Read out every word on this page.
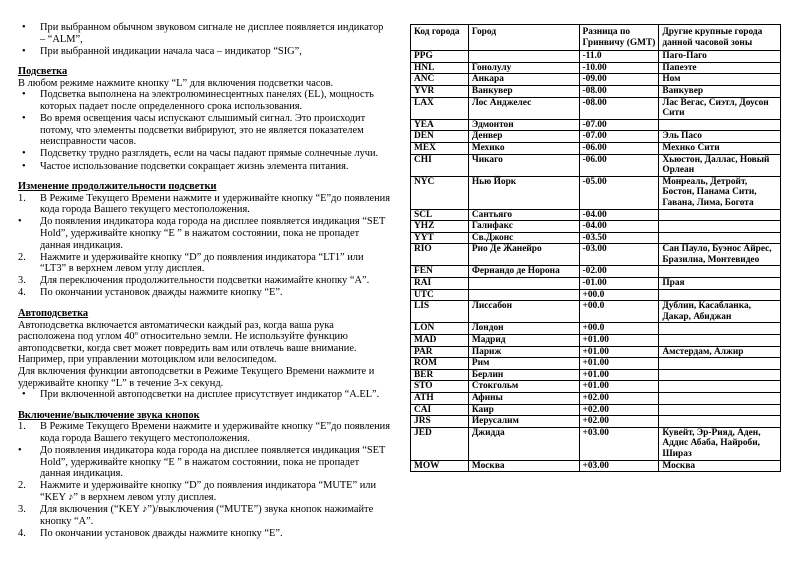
• При выбранном обычном звуковом сигнале не дисплее появляется индикатор – “ALM”,
• При выбранной индикации начала часа – индикатор “SIG”,
Подсветка

В любом режиме нажмите кнопку “L” для включения подсветки часов.

• Подсветка выполнена на электролюминесцентных панелях (EL), мощность которых падает после определенного срока использования.
• Во время освещения часы испускают слышимый сигнал. Это происходит потому, что элементы подсветки вибрируют, это не является показателем неисправности часов.
• Подсветку трудно разглядеть, если на часы падают прямые солнечные лучи.
• Частое использование подсветки сокращает жизнь элемента питания.
Изменение продолжительности подсветки
1. В Режиме Текущего Времени нажмите и удерживайте кнопку “E”до появления кода города Вашего текущего местоположения.
• До появления индикатора кода города на дисплее появляется индикация “SET Hold”, удерживайте кнопку “E ” в нажатом состоянии, пока не пропадет данная индикация.
2. Нажмите и удерживайте кнопку “D” до появления индикатора “LT1” или “LT3” в верхнем левом углу дисплея.
3. Для переключения продолжительности подсветки нажимайте кнопку “A”.
4. По окончании установок дважды нажмите кнопку “E”.
Автоподсветка

Автоподсветка включается автоматически каждый раз, когда ваша рука расположена под углом 40º относительно земли. Не используйте функцию автоподсветки, когда свет может повредить вам или отвлечь ваше внимание.

Например, при управлении мотоциклом или велосипедом.

Для включения функции автоподсветки в Режиме Текущего Времени нажмите и удерживайте кнопку “L” в течение 3-х секунд.

• При включенной автоподсветки на дисплее присутствует индикатор “A.EL”.
Включение/выключение звука кнопок
1. В Режиме Текущего Времени нажмите и удерживайте кнопку “E”до появления кода города Вашего текущего местоположения.
• До появления индикатора кода города на дисплее появляется индикация “SET Hold”, удерживайте кнопку “E ” в нажатом состоянии, пока не пропадет данная индикация.
2. Нажмите и удерживайте кнопку “D” до появления индикатора “MUTE” или “KEY ♪” в верхнем левом углу дисплея.
3. Для включения (“KEY ♪”)/выключения (“MUTE”) звука кнопок нажимайте кнопку “A”.
4. По окончании установок дважды нажмите кнопку “E”.
Код города	Город	Разница по Гринвичу (GMT)	Другие крупные города данной часовой зоны
PPG		-11.0	Паго-Паго
HNL	Гонолулу	-10.00	Папеэте
ANC	Анкара	-09.00	Ном
YVR	Ванкувер	-08.00	Ванкувер
LAX	Лос Анджелес	-08.00	Лас Вегас, Сиэтл, Доусон Сити
YEA	Эдмонтон	-07.00	
DEN	Денвер	-07.00	Эль Пасо
MEX	Мехико	-06.00	Мехико Сити
CHI	Чикаго	-06.00	Хьюстон, Даллас, Новый Орлеан
NYC	Нью Йорк	-05.00	Монреаль, Детройт, Бостон, Панама Сити, Гавана, Лима, Богота
SCL	Сантьяго	-04.00	
YHZ	Галифакс	-04.00	
YYT	Св.Джонс	-03.50	
RIO	Рио Де Жанейро	-03.00	Сан Пауло, Буэнос Айрес, Бразилиа, Монтевидео
FEN	Фернандо де Норона	-02.00	
RAI		-01.00	Прая
UTC		+00.0	
LIS	Лиссабон	+00.0	Дублин, Касабланка, Дакар, Абиджан
LON	Лондон	+00.0	
MAD	Мадрид	+01.00	
PAR	Париж	+01.00	Амстердам, Алжир
ROM	Рим	+01.00	
BER	Берлин	+01.00	
STO	Стокгольм	+01.00	
ATH	Афины	+02.00	
CAI	Каир	+02.00	
JRS	Иерусалим	+02.00	
JED	Джидда	+03.00	Кувейт, Эр-Рияд, Аден, Аддис Абаба, Найроби, Шираз
MOW	Москва	+03.00	Москва
